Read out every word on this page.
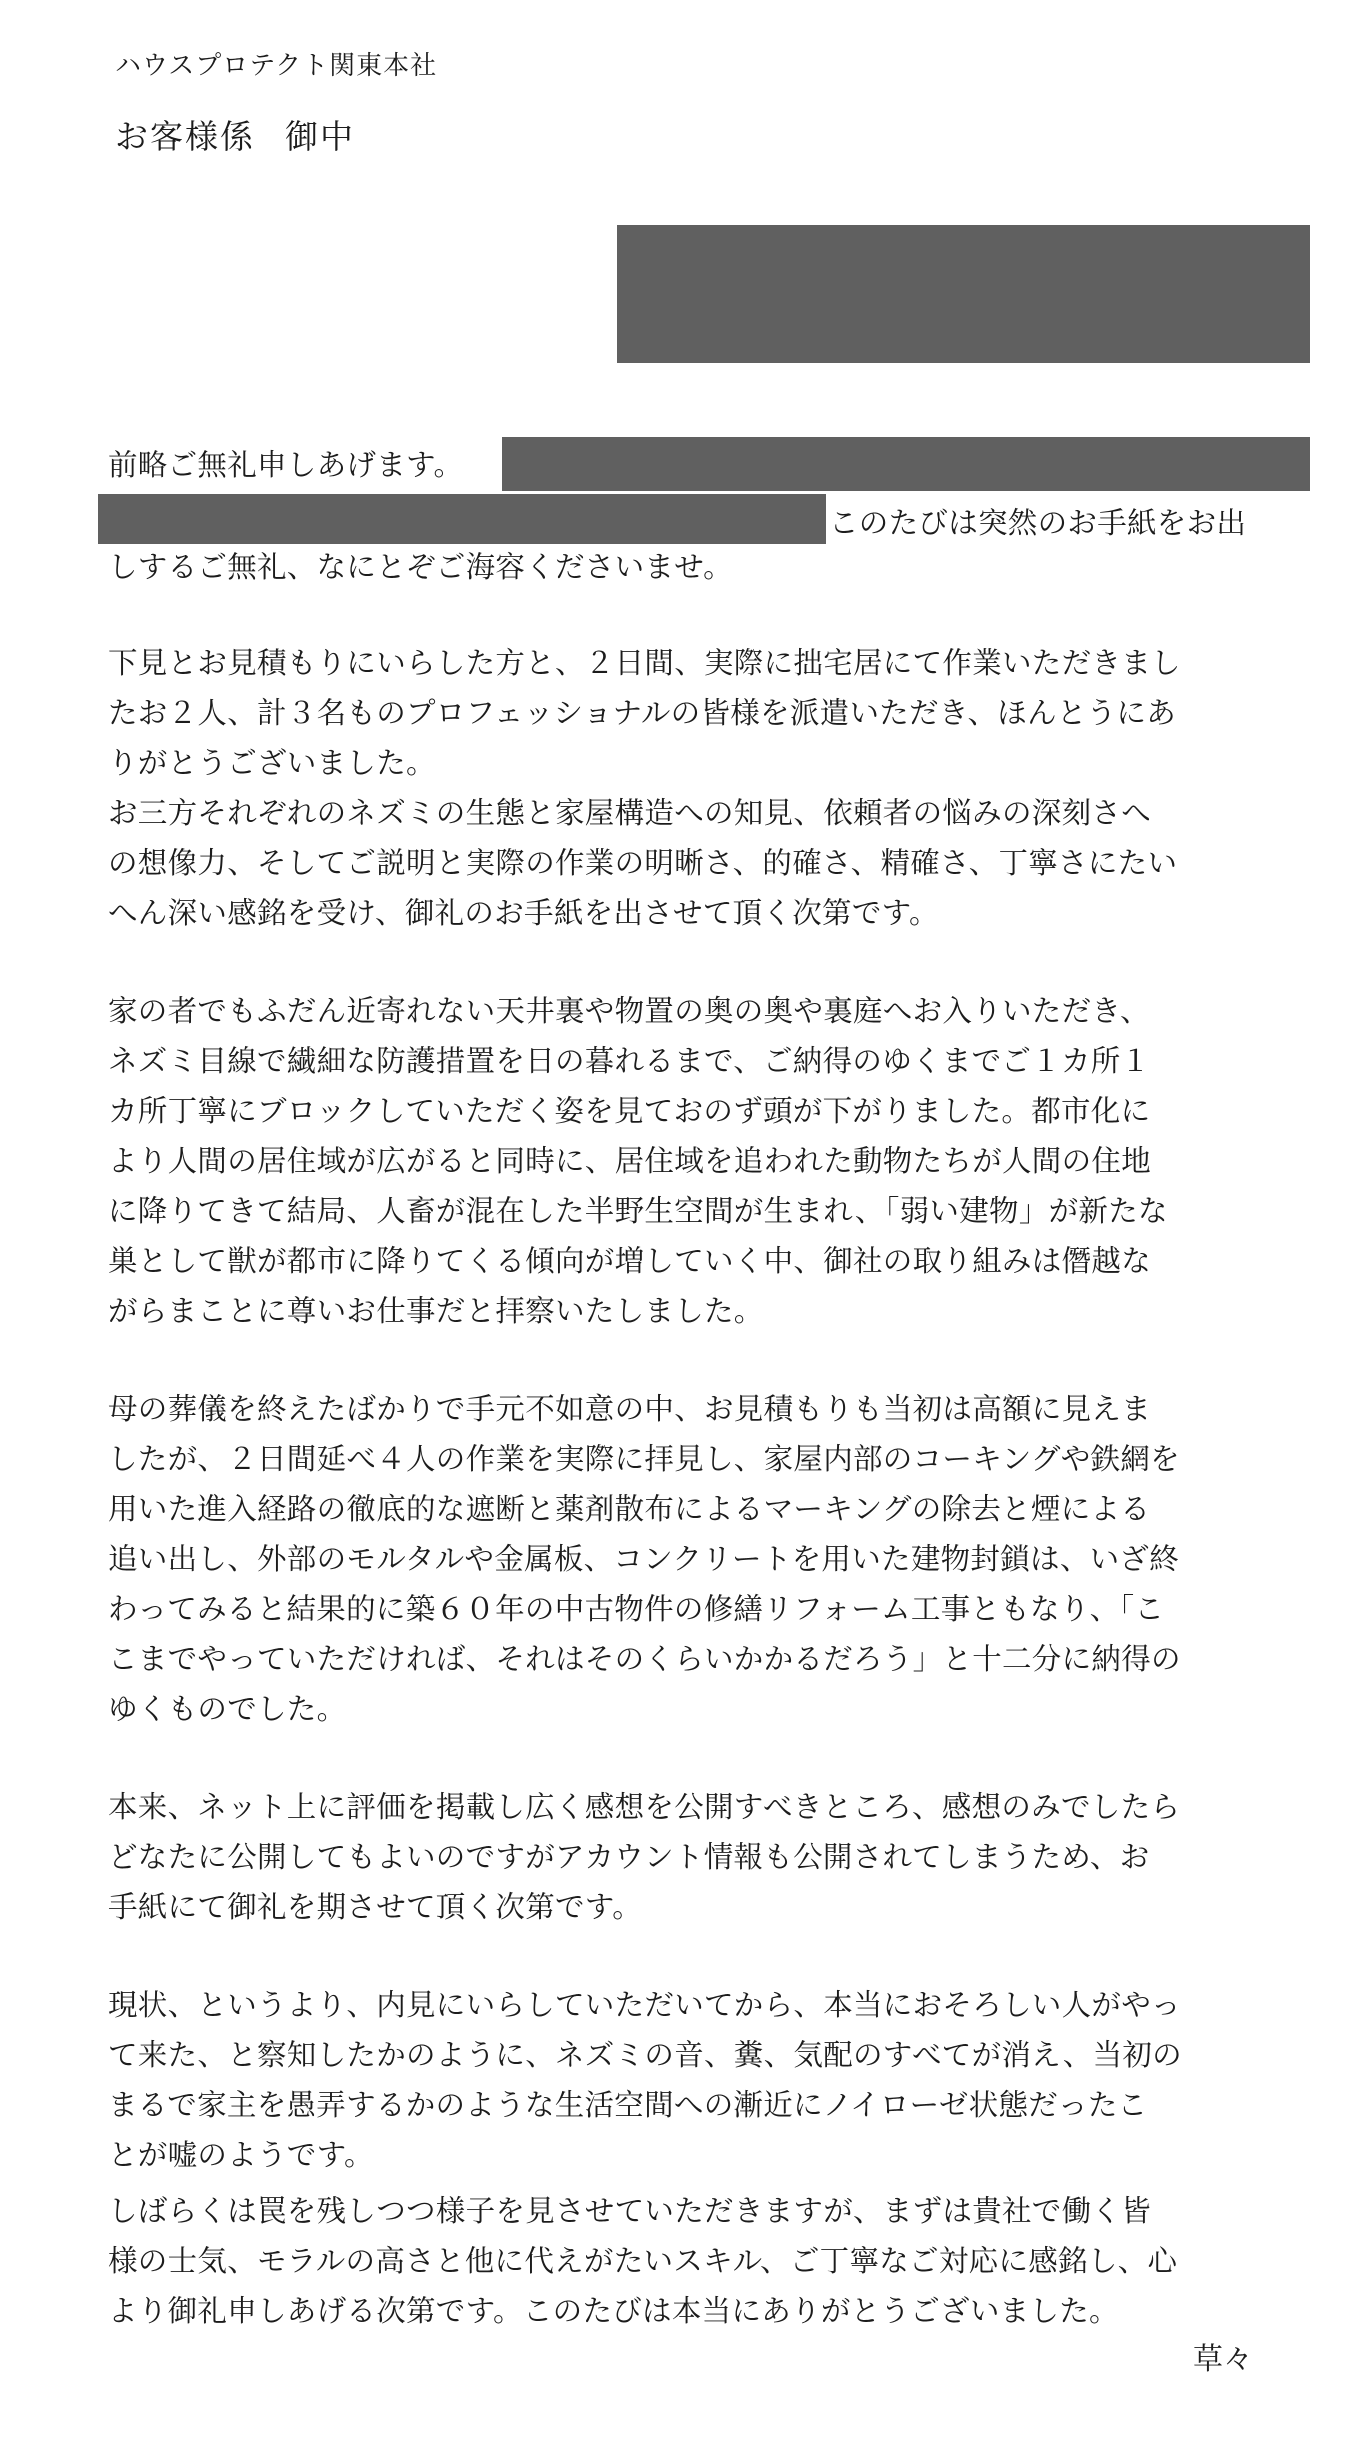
ハウスプロテクト関東本社
お客様係 御中
前略ご無礼申しあげます。
このたびは突然のお手紙をお出
しするご無礼、なにとぞご海容くださいませ。
下見とお見積もりにいらした方と、２日間、実際に拙宅居にて作業いただきまし
たお２人、計３名ものプロフェッショナルの皆様を派遣いただき、ほんとうにあ
りがとうございました。
お三方それぞれのネズミの生態と家屋構造への知見、依頼者の悩みの深刻さへ
の想像力、そしてご説明と実際の作業の明晰さ、的確さ、精確さ、丁寧さにたい
へん深い感銘を受け、御礼のお手紙を出させて頂く次第です。
家の者でもふだん近寄れない天井裏や物置の奥の奥や裏庭へお入りいただき、
ネズミ目線で繊細な防護措置を日の暮れるまで、ご納得のゆくまでご１カ所１
カ所丁寧にブロックしていただく姿を見ておのず頭が下がりました。都市化に
より人間の居住域が広がると同時に、居住域を追われた動物たちが人間の住地
に降りてきて結局、人畜が混在した半野生空間が生まれ、「弱い建物」が新たな
巣として獣が都市に降りてくる傾向が増していく中、御社の取り組みは僭越な
がらまことに尊いお仕事だと拝察いたしました。
母の葬儀を終えたばかりで手元不如意の中、お見積もりも当初は高額に見えま
したが、２日間延べ４人の作業を実際に拝見し、家屋内部のコーキングや鉄網を
用いた進入経路の徹底的な遮断と薬剤散布によるマーキングの除去と煙による
追い出し、外部のモルタルや金属板、コンクリートを用いた建物封鎖は、いざ終
わってみると結果的に築６０年の中古物件の修繕リフォーム工事ともなり、「こ
こまでやっていただければ、それはそのくらいかかるだろう」と十二分に納得の
ゆくものでした。
本来、ネット上に評価を掲載し広く感想を公開すべきところ、感想のみでしたら
どなたに公開してもよいのですがアカウント情報も公開されてしまうため、お
手紙にて御礼を期させて頂く次第です。
現状、というより、内見にいらしていただいてから、本当におそろしい人がやっ
て来た、と察知したかのように、ネズミの音、糞、気配のすべてが消え、当初の
まるで家主を愚弄するかのような生活空間への漸近にノイローゼ状態だったこ
とが嘘のようです。
しばらくは罠を残しつつ様子を見させていただきますが、まずは貴社で働く皆
様の士気、モラルの高さと他に代えがたいスキル、ご丁寧なご対応に感銘し、心
より御礼申しあげる次第です。このたびは本当にありがとうございました。
草々
